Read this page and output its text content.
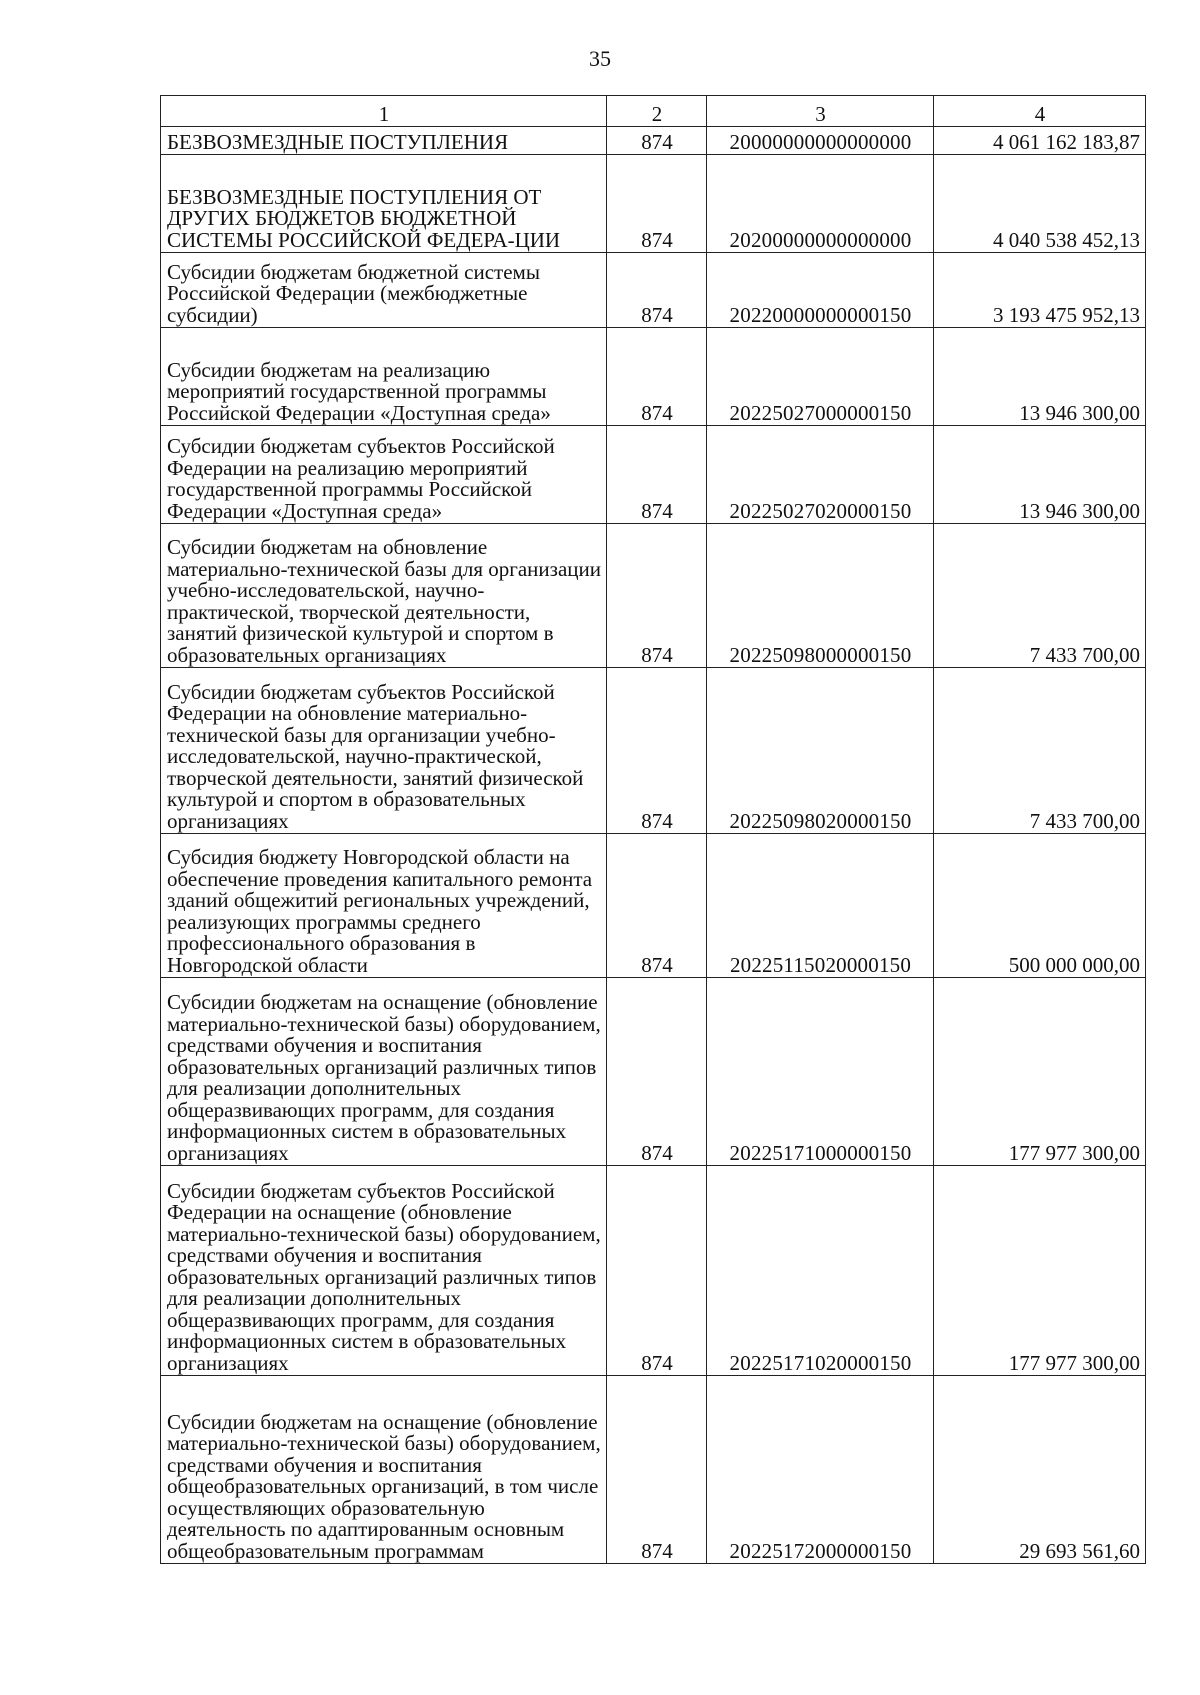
35
1	2	3	4
БЕЗВОЗМЕЗДНЫЕ ПОСТУПЛЕНИЯ	874	20000000000000000	4 061 162 183,87
БЕЗВОЗМЕЗДНЫЕ ПОСТУПЛЕНИЯ ОТ ДРУГИХ БЮДЖЕТОВ БЮДЖЕТНОЙ СИСТЕМЫ РОССИЙСКОЙ ФЕДЕРА-ЦИИ	874	20200000000000000	4 040 538 452,13
Субсидии бюджетам бюджетной системы Российской Федерации (межбюджетные субсидии)	874	20220000000000150	3 193 475 952,13
Субсидии бюджетам на реализацию мероприятий государственной программы Российской Федерации «Доступная среда»	874	20225027000000150	13 946 300,00
Субсидии бюджетам субъектов Российской Федерации на реализацию мероприятий государственной программы Российской Федерации «Доступная среда»	874	20225027020000150	13 946 300,00
Субсидии бюджетам на обновление материально-технической базы для организации учебно-исследовательской, научно-практической, творческой деятельности, занятий физической культурой и спортом в образовательных организациях	874	20225098000000150	7 433 700,00
Субсидии бюджетам субъектов Российской Федерации на обновление материально-технической базы для организации учебно-исследовательской, научно-практической, творческой деятельности, занятий физической культурой и спортом в образовательных организациях	874	20225098020000150	7 433 700,00
Субсидия бюджету Новгородской области на обеспечение проведения капитального ремонта зданий общежитий региональных учреждений, реализующих программы среднего профессионального образования в Новгородской области	874	20225115020000150	500 000 000,00
Субсидии бюджетам на оснащение (обновление материально-технической базы) оборудованием, средствами обучения и воспитания образовательных организаций различных типов для реализации дополнительных общеразвивающих программ, для создания информационных систем в образовательных организациях	874	20225171000000150	177 977 300,00
Субсидии бюджетам субъектов Российской Федерации на оснащение (обновление материально-технической базы) оборудованием, средствами обучения и воспитания образовательных организаций различных типов для реализации дополнительных общеразвивающих программ, для создания информационных систем в образовательных организациях	874	20225171020000150	177 977 300,00
Субсидии бюджетам на оснащение (обновление материально-технической базы) оборудованием, средствами обучения и воспитания общеобразовательных организаций, в том числе осуществляющих образовательную деятельность по адаптированным основным общеобразовательным программам	874	20225172000000150	29 693 561,60
